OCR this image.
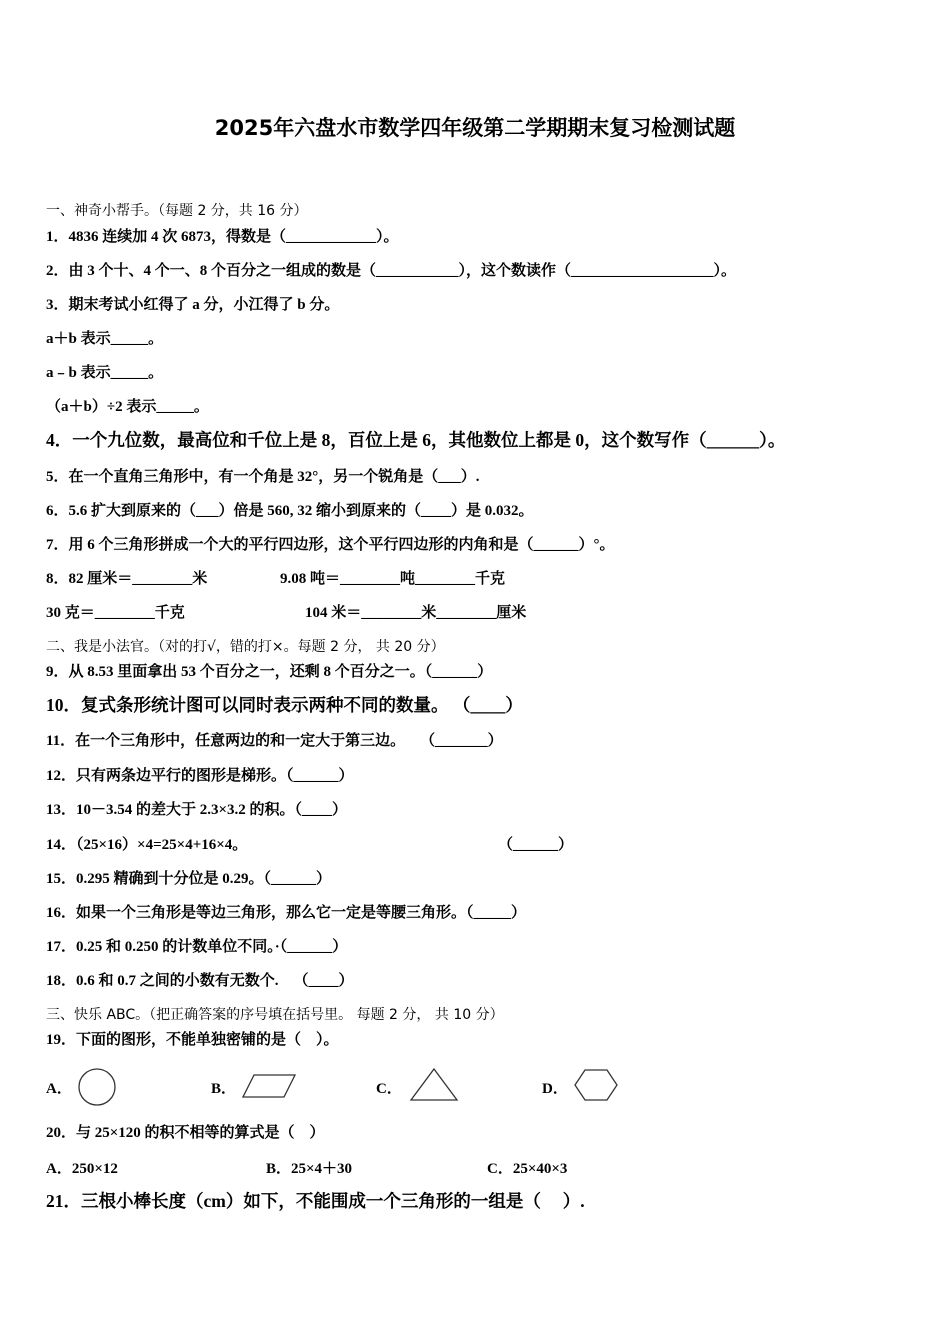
2025年六盘水市数学四年级第二学期期末复习检测试题
一、神奇小帮手。（每题 2 分，共 16 分）
1．4836 连续加 4 次 6873，得数是（____________）。
2．由 3 个十、4 个一、8 个百分之一组成的数是（___________），这个数读作（___________________）。
3．期末考试小红得了 a 分，小江得了 b 分。
a＋b 表示_____。
a﹣b 表示_____。
（a＋b）÷2 表示_____。
4．一个九位数，最高位和千位上是 8，百位上是 6，其他数位上都是 0，这个数写作（______）。
5．在一个直角三角形中，有一个角是 32°，另一个锐角是（___）.
6．5.6 扩大到原来的（___）倍是 560, 32 缩小到原来的（____）是 0.032。
7．用 6 个三角形拼成一个大的平行四边形，这个平行四边形的内角和是（______）°。
8．82 厘米＝________米	9.08 吨＝________吨________千克
30 克＝________千克	104 米＝________米________厘米
二、我是小法官。（对的打√，错的打×。每题 2 分， 共 20 分）
9．从 8.53 里面拿出 53 个百分之一，还剩 8 个百分之一。（______）
10．复式条形统计图可以同时表示两种不同的数量。 （____）
11．在一个三角形中，任意两边的和一定大于第三边。    （_______）
12．只有两条边平行的图形是梯形。（______）
13．10－3.54 的差大于 2.3×3.2 的积。（____）
14．（25×16）×4=25×4+16×4。	（______）
15．0.295 精确到十分位是 0.29。（______）
16．如果一个三角形是等边三角形，那么它一定是等腰三角形。（_____）
17．0.25 和 0.250 的计数单位不同。·（______）
18．0.6 和 0.7 之间的小数有无数个.    （____）
三、快乐 ABC。（把正确答案的序号填在括号里。 每题 2 分， 共 10 分）
19．下面的图形，不能单独密铺的是（    ）。
A．	B．	C．	D．
20．与 25×120 的积不相等的算式是（    ）
A．250×12	B．25×4＋30	C．25×40×3
21．三根小棒长度（cm）如下，不能围成一个三角形的一组是（     ）.
